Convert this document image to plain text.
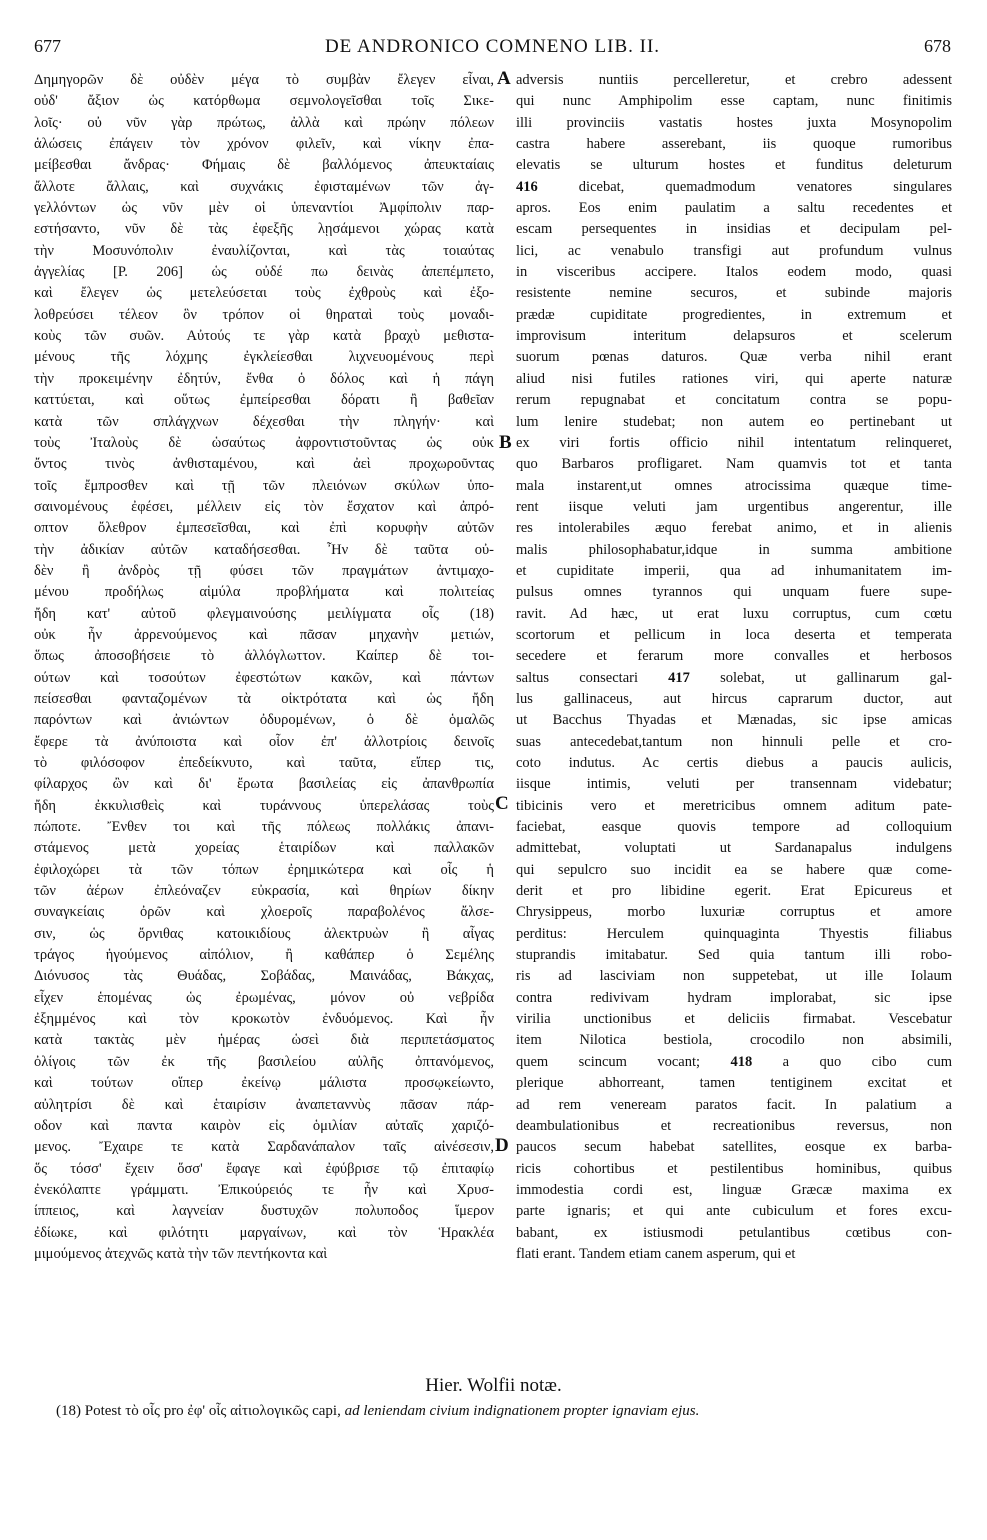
677	DE ANDRONICO COMNENO LIB. II.	678
A
B
C
D
Δημηγορῶν δὲ οὐδὲν μέγα τὸ συμβὰν ἔλεγεν εἶναι,
οὐδ' ἄξιον ὡς κατόρθωμα σεμνολογεῖσθαι τοῖς Σικε-
λοῖς· οὐ νῦν γὰρ πρώτως, ἀλλὰ καὶ πρώην πόλεων
ἁλώσεις ἐπάγειν τὸν χρόνον φιλεῖν, καὶ νίκην ἐπα-
μείβεσθαι ἄνδρας· Φήμαις δὲ βαλλόμενος ἀπευκταίαις
ἄλλοτε ἄλλαις, καὶ συχνάκις ἐφισταμένων τῶν ἀγ-
γελλόντων ὡς νῦν μὲν οἱ ὑπεναντίοι Ἀμφίπολιν παρ-
εστήσαντο, νῦν δὲ τὰς ἐφεξῆς λῃσάμενοι χώρας κατὰ
τὴν Μοσυνόπολιν ἐναυλίζονται, καὶ τὰς τοιαύτας
ἀγγελίας [P. 206] ὡς οὐδέ πω δεινὰς ἀπεπέμπετο,
καὶ ἔλεγεν ὡς μετελεύσεται τοὺς ἐχθροὺς καὶ ἐξο-
λοθρεύσει τέλεον ὃν τρόπον οἱ θηραταὶ τοὺς μοναδι-
κοὺς τῶν συῶν. Αὐτούς τε γὰρ κατὰ βραχὺ μεθιστα-
μένους τῆς λόχμης ἐγκλείεσθαι λιχνευομένους περὶ
τὴν προκειμένην ἐδητύν, ἔνθα ὁ δόλος καὶ ἡ πάγη
καττύεται, καὶ οὕτως ἐμπείρεσθαι δόρατι ἢ βαθεῖαν
κατὰ τῶν σπλάγχνων δέχεσθαι τὴν πληγήν· καὶ
τοὺς Ἰταλοὺς δὲ ὡσαύτως ἀφροντιστοῦντας ὡς οὐκ
ὄντος τινὸς ἀνθισταμένου, καὶ ἀεὶ προχωροῦντας
τοῖς ἔμπροσθεν καὶ τῇ τῶν πλειόνων σκύλων ὑπο-
σαινομένους ἐφέσει, μέλλειν εἰς τὸν ἔσχατον καὶ ἀπρό-
οπτον ὄλεθρον ἐμπεσεῖσθαι, καὶ ἐπὶ κορυφὴν αὐτῶν
τὴν ἀδικίαν αὐτῶν καταδήσεσθαι. Ἦν δὲ ταῦτα οὐ-
δὲν ἢ ἀνδρὸς τῇ φύσει τῶν πραγμάτων ἀντιμαχο-
μένου προδήλως αἱμύλα προβλήματα καὶ πολιτείας
ἤδη κατ' αὐτοῦ φλεγμαινούσης μειλίγματα οἷς (18)
οὐκ ἦν ἀρρενούμενος καὶ πᾶσαν μηχανὴν μετιών,
ὅπως ἀποσοβήσειε τὸ ἀλλόγλωττον. Καίπερ δὲ τοι-
ούτων καὶ τοσούτων ἐφεστώτων κακῶν, καὶ πάντων
πείσεσθαι φανταζομένων τὰ οἰκτρότατα καὶ ὡς ἤδη
παρόντων καὶ ἀνιώντων ὀδυρομένων, ὁ δὲ ὁμαλῶς
ἔφερε τὰ ἀνύποιστα καὶ οἷον ἐπ' ἀλλοτρίοις δεινοῖς
τὸ φιλόσοφον ἐπεδείκνυτο, καὶ ταῦτα, εἴπερ τις,
φίλαρχος ὢν καὶ δι' ἔρωτα βασιλείας εἰς ἀπανθρωπία
ἤδη ἐκκυλισθεὶς καὶ τυράννους ὑπερελάσας τοὺς
πώποτε. Ἔνθεν τοι καὶ τῆς πόλεως πολλάκις ἀπανι-
στάμενος μετὰ χορείας ἑταιρίδων καὶ παλλακῶν
ἐφιλοχώρει τὰ τῶν τόπων ἐρημικώτερα καὶ οἷς ἡ
τῶν ἀέρων ἐπλεόναζεν εὐκρασία, καὶ θηρίων δίκην
συναγκείαις ὀρῶν καὶ χλοεροῖς παραβολένος ἄλσε-
σιν, ὡς ὄρνιθας κατοικιδίους ἀλεκτρυὼν ἢ αἶγας
τράγος ἡγούμενος αἰπόλιον, ἢ καθάπερ ὁ Σεμέλης
Διόνυσος τὰς Θυάδας, Σοβάδας, Μαινάδας, Βάκχας,
εἶχεν ἑπομένας ὡς ἐρωμένας, μόνον οὐ νεβρίδα
ἐξημμένος καὶ τὸν κροκωτὸν ἐνδυόμενος. Καὶ ἦν
κατὰ τακτὰς μὲν ἡμέρας ὡσεὶ διὰ περιπετάσματος
ὀλίγοις τῶν ἐκ τῆς βασιλείου αὐλῆς ὀπτανόμενος,
καὶ τούτων οἵπερ ἐκείνῳ μάλιστα προσῳκείωντο,
αὐλητρίσι δὲ καὶ ἑταιρίσιν ἀναπεταννὺς πᾶσαν πάρ-
οδον καὶ παντα καιρὸν εἰς ὁμιλίαν αὐταῖς χαριζό-
μενος. Ἔχαιρε τε κατὰ Σαρδανάπαλον ταῖς αἰνέσεσιν,
ὅς τόσσ' ἔχειν ὅσσ' ἔφαγε καὶ ἐφύβρισε τῷ ἐπιταφίῳ
ἐνεκόλαπτε γράμματι. Ἐπικούρειός τε ἦν καὶ Χρυσ-
ίππειος, καὶ λαγνείαν δυστυχῶν πολυποδος ἵμερον
ἐδίωκε, καὶ φιλότητι μαργαίνων, καὶ τὸν Ἡρακλέα
μιμούμενος ἀτεχνῶς κατὰ τὴν τῶν πεντήκοντα καὶ
adversis nuntiis percelleretur, et crebro adessent
qui nunc Amphipolim esse captam, nunc finitimis
illi provinciis vastatis hostes juxta Mosynopolim
castra habere asserebant, iis quoque rumoribus
elevatis se ulturum hostes et funditus deleturum
416 dicebat, quemadmodum venatores singulares
apros. Eos enim paulatim a saltu recedentes et
escam persequentes in insidias et decipulam pel-
lici, ac venabulo transfigi aut profundum vulnus
in visceribus accipere. Italos eodem modo, quasi
resistente nemine securos, et subinde majoris
prædæ cupiditate progredientes, in extremum et
improvisum interitum delapsuros et scelerum
suorum pœnas daturos. Quæ verba nihil erant
aliud nisi futiles rationes viri, qui aperte naturæ
rerum repugnabat et concitatum contra se popu-
lum lenire studebat; non autem eo pertinebant ut
ex viri fortis officio nihil intentatum relinqueret,
quo Barbaros profligaret. Nam quamvis tot et tanta
mala instarent,ut omnes atrocissima quæque time-
rent iisque veluti jam urgentibus angerentur, ille
res intolerabiles æquo ferebat animo, et in alienis
malis philosophabatur,idque in summa ambitione
et cupiditate imperii, qua ad inhumanitatem im-
pulsus omnes tyrannos qui unquam fuere supe-
ravit. Ad hæc, ut erat luxu corruptus, cum cœtu
scortorum et pellicum in loca deserta et temperata
secedere et ferarum more convalles et herbosos
saltus consectari 417 solebat, ut gallinarum gal-
lus gallinaceus, aut hircus caprarum ductor, aut
ut Bacchus Thyadas et Mænadas, sic ipse amicas
suas antecedebat,tantum non hinnuli pelle et cro-
coto indutus. Ac certis diebus a paucis aulicis,
iisque intimis, veluti per transennam videbatur;
tibicinis vero et meretricibus omnem aditum pate-
faciebat, easque quovis tempore ad colloquium
admittebat, voluptati ut Sardanapalus indulgens
qui sepulcro suo incidit ea se habere quæ come-
derit et pro libidine egerit. Erat Epicureus et
Chrysippeus, morbo luxuriæ corruptus et amore
perditus: Herculem quinquaginta Thyestis filiabus
stuprandis imitabatur. Sed quia tantum illi robo-
ris ad lasciviam non suppetebat, ut ille Iolaum
contra redivivam hydram implorabat, sic ipse
virilia unctionibus et deliciis firmabat. Vescebatur
item Nilotica bestiola, crocodilo non absimili,
quem scincum vocant; 418 a quo cibo cum
plerique abhorreant, tamen tentiginem excitat et
ad rem veneream paratos facit. In palatium a
deambulationibus et recreationibus reversus, non
paucos secum habebat satellites, eosque ex barba-
ricis cohortibus et pestilentibus hominibus, quibus
immodestia cordi est, linguæ Græcæ maxima ex
parte ignaris; et qui ante cubiculum et fores excu-
babant, ex istiusmodi petulantibus cœtibus con-
flati erant. Tandem etiam canem asperum, qui et
Hier. Wolfii notæ.
(18) Potest τὸ οἷς pro ἐφ' οἷς αἰτιολογικῶς capi, ad leniendam civium indignationem propter ignaviam ejus.
